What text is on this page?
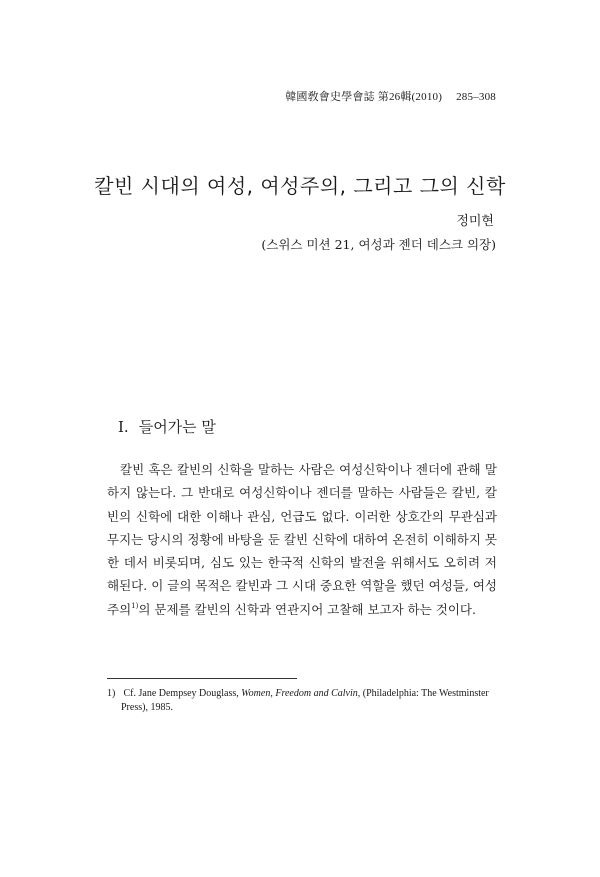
韓國敎會史學會誌 第26輯(2010) 285–308
칼빈 시대의 여성, 여성주의, 그리고 그의 신학
정미현
(스위스 미션 21, 여성과 젠더 데스크 의장)
I. 들어가는 말

칼빈 혹은 칼빈의 신학을 말하는 사람은 여성신학이나 젠더에 관해 말하지 않는다. 그 반대로 여성신학이나 젠더를 말하는 사람들은 칼빈, 칼빈의 신학에 대한 이해나 관심, 언급도 없다. 이러한 상호간의 무관심과 무지는 당시의 정황에 바탕을 둔 칼빈 신학에 대하여 온전히 이해하지 못한 데서 비롯되며, 심도 있는 한국적 신학의 발전을 위해서도 오히려 저해된다. 이 글의 목적은 칼빈과 그 시대 중요한 역할을 했던 여성들, 여성주의$^{1)}$의 문제를 칼빈의 신학과 연관지어 고찰해 보고자 하는 것이다.

1) Cf. Jane Dempsey Douglass, Women, Freedom and Calvin, (Philadelphia: The Westminster Press), 1985.
